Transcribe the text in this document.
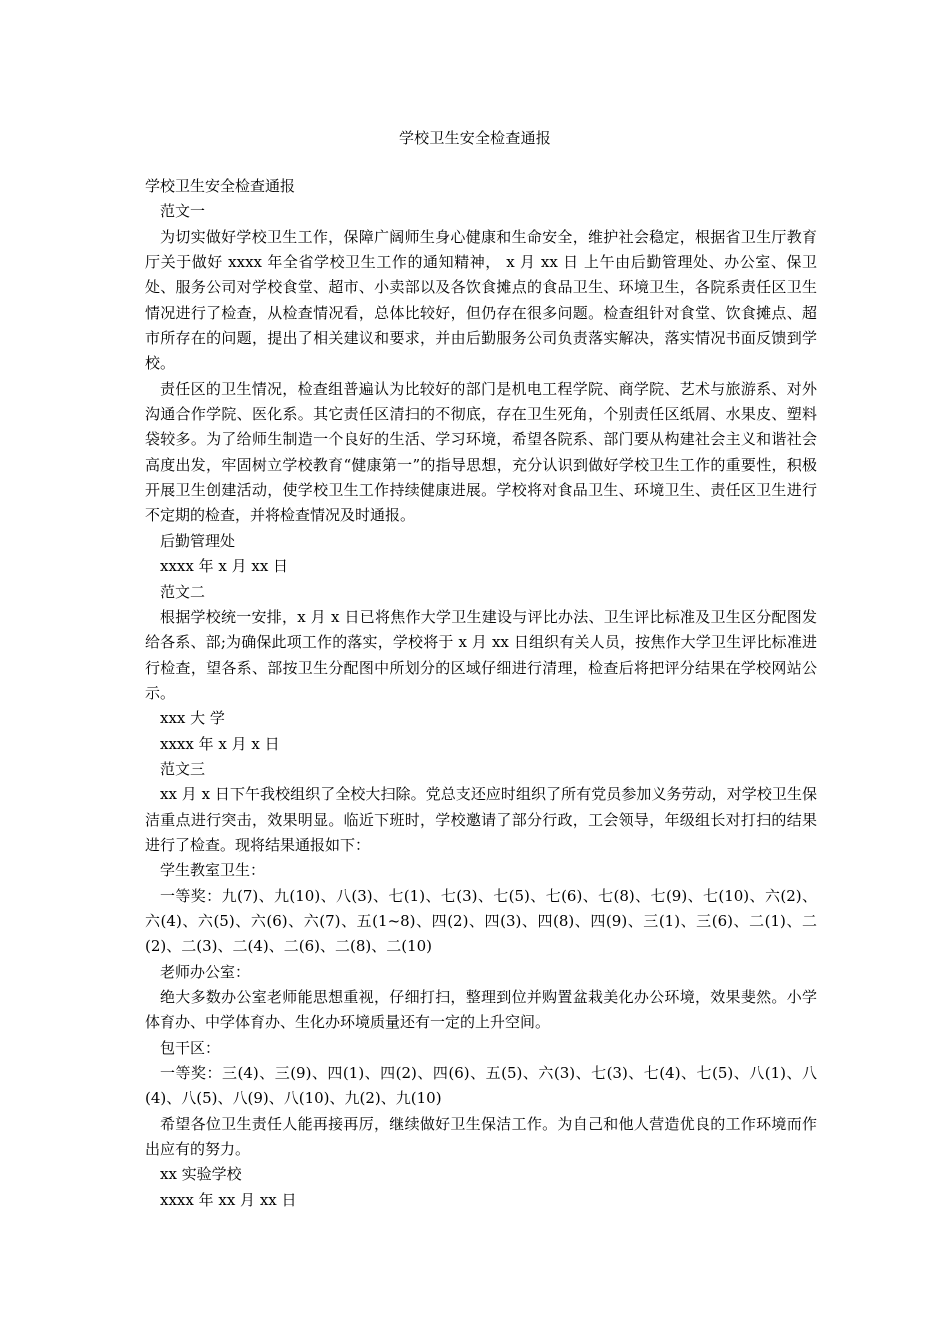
学校卫生安全检查通报

学校卫生安全检查通报

范文一

为切实做好学校卫生工作，保障广阔师生身心健康和生命安全，维护社会稳定，根据省卫生厅教育厅关于做好 xxxx 年全省学校卫生工作的通知精神， x 月 xx 日 上午由后勤管理处、办公室、保卫处、服务公司对学校食堂、超市、小卖部以及各饮食摊点的食品卫生、环境卫生，各院系责任区卫生情况进行了检查，从检查情况看，总体比较好，但仍存在很多问题。检查组针对食堂、饮食摊点、超市所存在的问题，提出了相关建议和要求，并由后勤服务公司负责落实解决，落实情况书面反馈到学校。

责任区的卫生情况，检查组普遍认为比较好的部门是机电工程学院、商学院、艺术与旅游系、对外沟通合作学院、医化系。其它责任区清扫的不彻底，存在卫生死角，个别责任区纸屑、水果皮、塑料袋较多。为了给师生制造一个良好的生活、学习环境，希望各院系、部门要从构建社会主义和谐社会高度出发，牢固树立学校教育“健康第一”的指导思想，充分认识到做好学校卫生工作的重要性，积极开展卫生创建活动，使学校卫生工作持续健康进展。学校将对食品卫生、环境卫生、责任区卫生进行不定期的检查，并将检查情况及时通报。

后勤管理处

xxxx 年 x 月 xx 日

范文二

根据学校统一安排，x 月 x 日已将焦作大学卫生建设与评比办法、卫生评比标准及卫生区分配图发给各系、部;为确保此项工作的落实，学校将于 x 月 xx 日组织有关人员，按焦作大学卫生评比标准进行检查，望各系、部按卫生分配图中所划分的区域仔细进行清理，检查后将把评分结果在学校网站公示。

xxx 大 学

xxxx 年 x 月 x 日

范文三

xx 月 x 日下午我校组织了全校大扫除。党总支还应时组织了所有党员参加义务劳动，对学校卫生保洁重点进行突击，效果明显。临近下班时，学校邀请了部分行政，工会领导，年级组长对打扫的结果进行了检查。现将结果通报如下：

学生教室卫生：

一等奖：九(7)、九(10)、八(3)、七(1)、七(3)、七(5)、七(6)、七(8)、七(9)、七(10)、六(2)、六(4)、六(5)、六(6)、六(7)、五(1~8)、四(2)、四(3)、四(8)、四(9)、三(1)、三(6)、二(1)、二(2)、二(3)、二(4)、二(6)、二(8)、二(10)

老师办公室：

绝大多数办公室老师能思想重视，仔细打扫，整理到位并购置盆栽美化办公环境，效果斐然。小学体育办、中学体育办、生化办环境质量还有一定的上升空间。

包干区：

一等奖：三(4)、三(9)、四(1)、四(2)、四(6)、五(5)、六(3)、七(3)、七(4)、七(5)、八(1)、八(4)、八(5)、八(9)、八(10)、九(2)、九(10)

希望各位卫生责任人能再接再厉，继续做好卫生保洁工作。为自己和他人营造优良的工作环境而作出应有的努力。

xx 实验学校

xxxx 年 xx 月 xx 日
